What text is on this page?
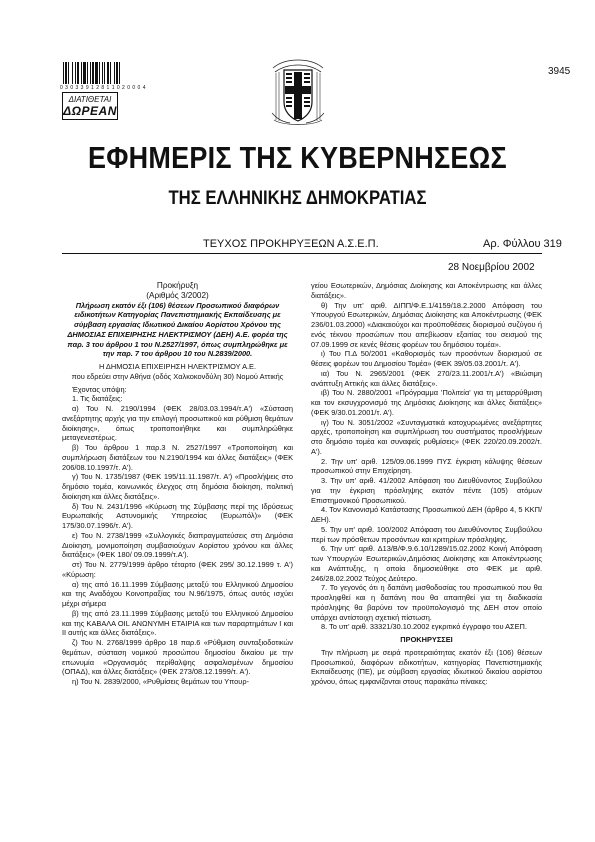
0 3 0 3 3 9 1 2 8 1 1 0 2 0 0 0 4
ΔΙΑΤΙΘΕΤΑΙ
ΔΩΡΕΑΝ
3945
ΕΦΗΜΕΡΙΣ ΤΗΣ ΚΥΒΕΡΝΗΣΕΩΣ
ΤΗΣ ΕΛΛΗΝΙΚΗΣ ΔΗΜΟΚΡΑΤΙΑΣ
ΤΕΥΧΟΣ ΠΡΟΚΗΡΥΞΕΩΝ Α.Σ.Ε.Π.	Αρ. Φύλλου 319
28 Νοεμβρίου 2002

Προκήρυξη

(Αριθμός 3/2002)

Πλήρωση εκατόν έξι (106) θέσεων Προσωπικού διαφόρων ειδικοτήτων Κατηγορίας Πανεπιστημιακής Εκπαίδευσης με σύμβαση εργασίας Ιδιωτικού Δικαίου Αορίστου Χρόνου της ΔΗΜΟΣΙΑΣ ΕΠΙΧΕΙΡΗΣΗΣ ΗΛΕΚΤΡΙΣΜΟΥ (ΔΕΗ) Α.Ε. φορέα της παρ. 3 του άρθρου 1 του Ν.2527/1997, όπως συμπληρώθηκε με την παρ. 7 του άρθρου 10 του Ν.2839/2000.

Η ΔΗΜΟΣΙΑ ΕΠΙΧΕΙΡΗΣΗ ΗΛΕΚΤΡΙΣΜΟΥ Α.Ε.

που εδρεύει στην Αθήνα (οδός Χαλκοκονδύλη 30) Νομού Αττικής

Έχοντας υπόψη:

1. Τις διατάξεις:

α) Του Ν. 2190/1994 (ΦΕΚ 28/03.03.1994/τ.Α') «Σύσταση ανεξάρτητης αρχής για την επιλογή προσωπικού και ρύθμιση θεμάτων διοίκησης», όπως τροποποιήθηκε και συμπληρώθηκε μεταγενεστέρως.

β) Του άρθρου 1 παρ.3 Ν. 2527/1997 «Τροποποίηση και συμπλήρωση διατάξεων του Ν.2190/1994 και άλλες διατάξεις» (ΦΕΚ 206/08.10.1997/τ. Α').

γ) Του Ν. 1735/1987 (ΦΕΚ 195/11.11.1987/τ. Α') «Προσλήψεις στο δημόσιο τομέα, κοινωνικός έλεγχος στη δημόσια διοίκηση, πολιτική διοίκηση και άλλες διατάξεις».

δ) Του Ν. 2431/1996 «Κύρωση της Σύμβασης περί της Ιδρύσεως Ευρωπαϊκής Αστυνομικής Υπηρεσίας (Ευρωπόλ)» (ΦΕΚ 175/30.07.1996/τ. Α').

ε) Του Ν. 2738/1999 «Συλλογικές διαπραγματεύσεις στη Δημόσια Διοίκηση, μονιμοποίηση συμβασιούχων Αορίστου χρόνου και άλλες διατάξεις» (ΦΕΚ 180/ 09.09.1999/τ.Α').

στ) Του Ν. 2779/1999 άρθρο τέταρτο (ΦΕΚ 295/ 30.12.1999 τ. Α') «Κύρωση:

α) της από 16.11.1999 Σύμβασης μεταξύ του Ελληνικού Δημοσίου και της Αναδόχου Κοινοπραξίας του Ν.96/1975, όπως αυτός ισχύει μέχρι σήμερα

β) της από 23.11.1999 Σύμβασης μεταξύ του Ελληνικού Δημοσίου και της ΚΑΒΑΛΑ OIL ΑΝΩΝΥΜΗ ΕΤΑΙΡΙΑ και των παραρτημάτων I και II αυτής και άλλες διατάξεις».

ζ) Του Ν. 2768/1999 άρθρο 18 παρ.6 «Ρύθμιση συνταξιοδοτικών θεμάτων, σύσταση νομικού προσώπου δημοσίου δικαίου με την επωνυμία «Οργανισμός περίθαλψης ασφαλισμένων δημοσίου (ΟΠΑΔ), και άλλες διατάξεις» (ΦΕΚ 273/08.12.1999/τ. Α').

η) Του Ν. 2839/2000, «Ρυθμίσεις θεμάτων του Υπουρ-

γείου Εσωτερικών, Δημόσιας Διοίκησης και Αποκέντρωσης και άλλες διατάξεις».

θ) Την υπ' αριθ. ΔΙΠΠ/Φ.Ε.1/4159/18.2.2000 Απόφαση του Υπουργού Εσωτερικών, Δημόσιας Διοίκησης και Αποκέντρωσης (ΦΕΚ 236/01.03.2000) «Διακαιούχοι και προϋποθέσεις διορισμού συζύγου ή ενός τέκνου προσώπων που απεβίωσαν εξαιτίας του σεισμού της 07.09.1999 σε κενές θέσεις φορέων του δημόσιου τομέα».

ι) Του Π.Δ 50/2001 «Καθορισμός των προσόντων διορισμού σε θέσεις φορέων του Δημοσίου Τομέα» (ΦΕΚ 39/05.03.2001/τ. Α').

ια) Του Ν. 2965/2001 (ΦΕΚ 270/23.11.2001/τ.Α') «Βιώσιμη ανάπτυξη Αττικής και άλλες διατάξεις».

ιβ) Του Ν. 2880/2001 «Πρόγραμμα 'Πολιτεία' για τη μεταρρύθμιση και τον εκσυγχρονισμό της Δημόσιας Διοίκησης και άλλες διατάξεις» (ΦΕΚ 9/30.01.2001/τ. Α').

ιγ) Του Ν. 3051/2002 «Συνταγματικά κατοχυρωμένες ανεξάρτητες αρχές, τροποποίηση και συμπλήρωση του συστήματος προσλήψεων στο δημόσιο τομέα και συναφείς ρυθμίσεις» (ΦΕΚ 220/20.09.2002/τ. Α').

2. Την υπ' αριθ. 125/09.06.1999 ΠΥΣ έγκριση κάλυψης θέσεων προσωπικού στην Επιχείρηση.

3. Την υπ' αριθ. 41/2002 Απόφαση του Διευθύνοντος Συμβούλου για την έγκριση πρόσληψης εκατόν πέντε (105) ατόμων Επιστημονικού Προσωπικού.

4. Τον Κανονισμό Κατάστασης Προσωπικού ΔΕΗ (άρθρο 4, 5 ΚΚΠ/ΔΕΗ).

5. Την υπ' αριθ. 100/2002 Απόφαση του Διευθύνοντος Συμβούλου περί των πρόσθετων προσόντων και κριτηρίων πρόσληψης.

6. Την υπ' αριθ. Δ13/Β/Φ.9.6.10/1289/15.02.2002 Κοινή Απόφαση των Υπουργών Εσωτερικών,Δημόσιας Διοίκησης και Αποκέντρωσης και Ανάπτυξης, η οποία δημοσιεύθηκε στο ΦΕΚ με αριθ. 246/28.02.2002 Τεύχος Δεύτερο.

7. Το γεγονός ότι η δαπάνη μισθοδοσίας του προσωπικού που θα προσληφθεί και η δαπάνη που θα απαιτηθεί για τη διαδικασία πρόσληψης θα βαρύνει τον προϋπολογισμό της ΔΕΗ στον οποίο υπάρχει αντίστοιχη σχετική πίστωση.

8. Το υπ' αριθ. 33321/30.10.2002 εγκριτικό έγγραφο του ΑΣΕΠ.

ΠΡΟΚΗΡΥΣΣΕΙ

Την πλήρωση με σειρά προτεραιότητας εκατόν έξι (106) θέσεων Προσωπικού, διαφόρων ειδικοτήτων, κατηγορίας Πανεπιστημιακής Εκπαίδευσης (ΠΕ), με σύμβαση εργασίας ιδιωτικού δικαίου αορίστου χρόνου, όπως εμφανίζονται στους παρακάτω πίνακες:
